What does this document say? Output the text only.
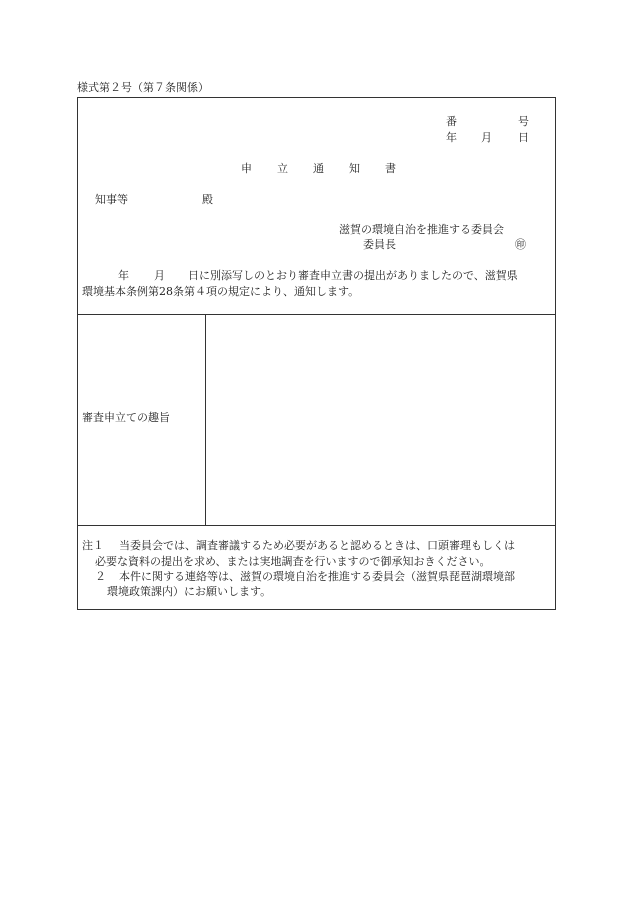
様式第２号（第７条関係）
番	号
年 月 日
申 立 通 知 書
知事等	殿
滋賀の環境自治を推進する委員会
委員長	㊞
年 月 日に別添写しのとおり審査申立書の提出がありましたので、滋賀県
環境基本条例第28条第４項の規定により、通知します。
審査申立ての趣旨
注１ 当委員会では、調査審議するため必要があると認めるときは、口頭審理もしくは
必要な資料の提出を求め、または実地調査を行いますので御承知おきください。
２ 本件に関する連絡等は、滋賀の環境自治を推進する委員会（滋賀県琵琶湖環境部
環境政策課内）にお願いします。
